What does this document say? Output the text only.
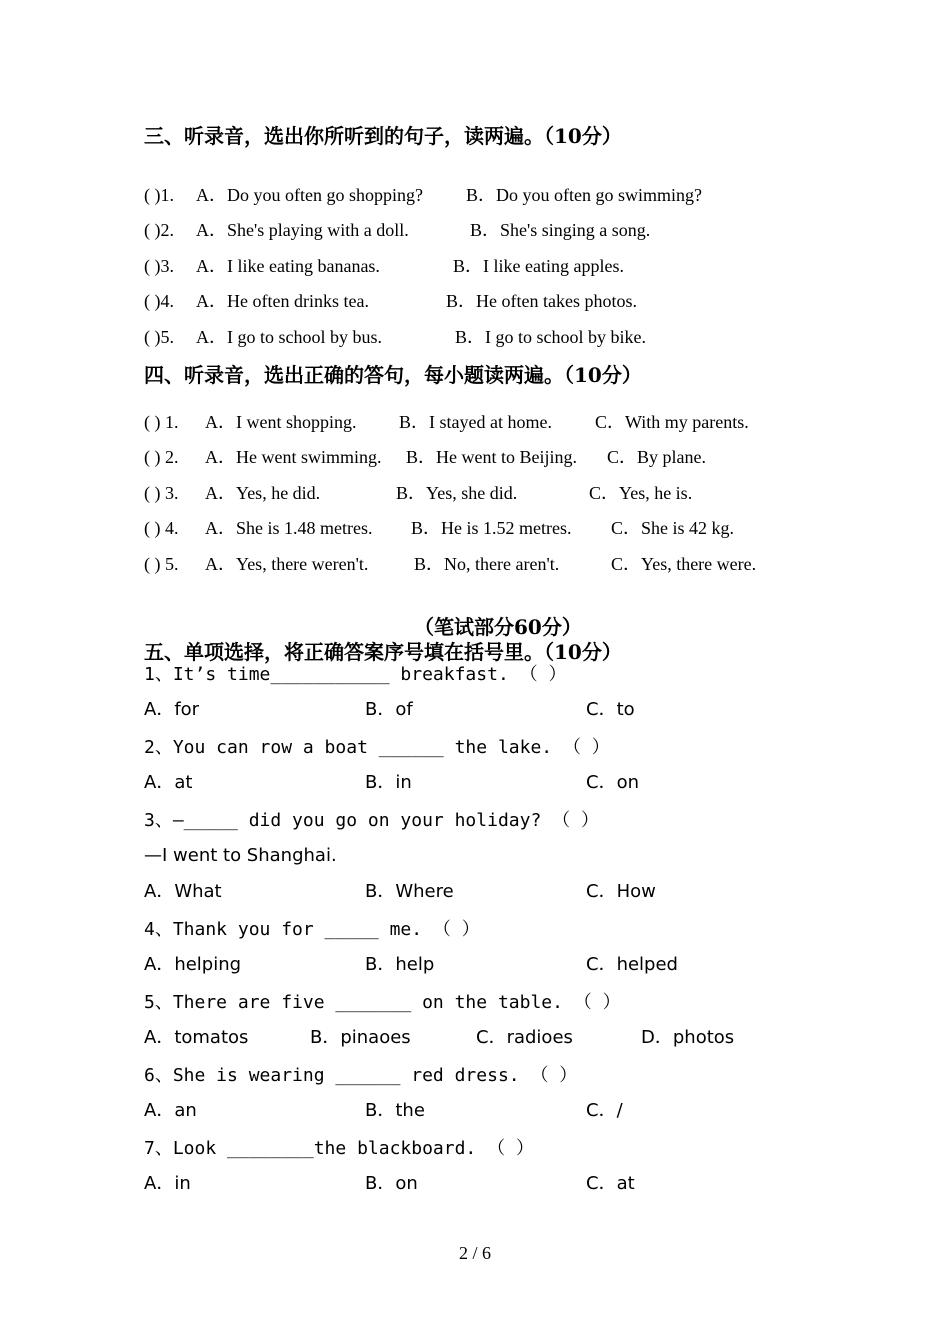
三、听录音，选出你所听到的句子，读两遍。（10分）
( )1. A．Do you often go shopping? B．Do you often go swimming?
( )2. A．She's playing with a doll.	B．She's singing a song.
( )3. A．I like eating bananas.	B．I like eating apples.
( )4. A．He often drinks tea.	B．He often takes photos.
( )5. A．I go to school by bus.	B．I go to school by bike.
四、听录音，选出正确的答句，每小题读两遍。（10分）
( ) 1. A．I went shopping. B．I stayed at home. C．With my parents.
( ) 2. A．He went swimming. B．He went to Beijing. C．By plane.
( ) 3. A．Yes, he did.	B．Yes, she did.	C．Yes, he is.
( ) 4. A．She is 1.48 metres. B．He is 1.52 metres. C．She is 42 kg.
( ) 5. A．Yes, there weren't.	B．No, there aren't.	C．Yes, there were.
（笔试部分60分）
五、单项选择，将正确答案序号填在括号里。（10分）
1、It’s time___________ breakfast. （ ）
A．for	B．of	C．to
2、You can row a boat ______ the lake. （ ）
A．at	B．in	C．on
3、—_____ did you go on your holiday? （ ）
—I went to Shanghai.
A．What	B．Where	C．How
4、Thank you for _____ me. （ ）
A．helping	B．help	C．helped
5、There are five _______ on the table. （ ）
A．tomatos	B．pinaoes	C．radioes	D．photos
6、She is wearing ______ red dress. （ ）
A．an	B．the	C．/
7、Look ________the blackboard. （ ）
A．in	B．on	C．at
2 / 6
